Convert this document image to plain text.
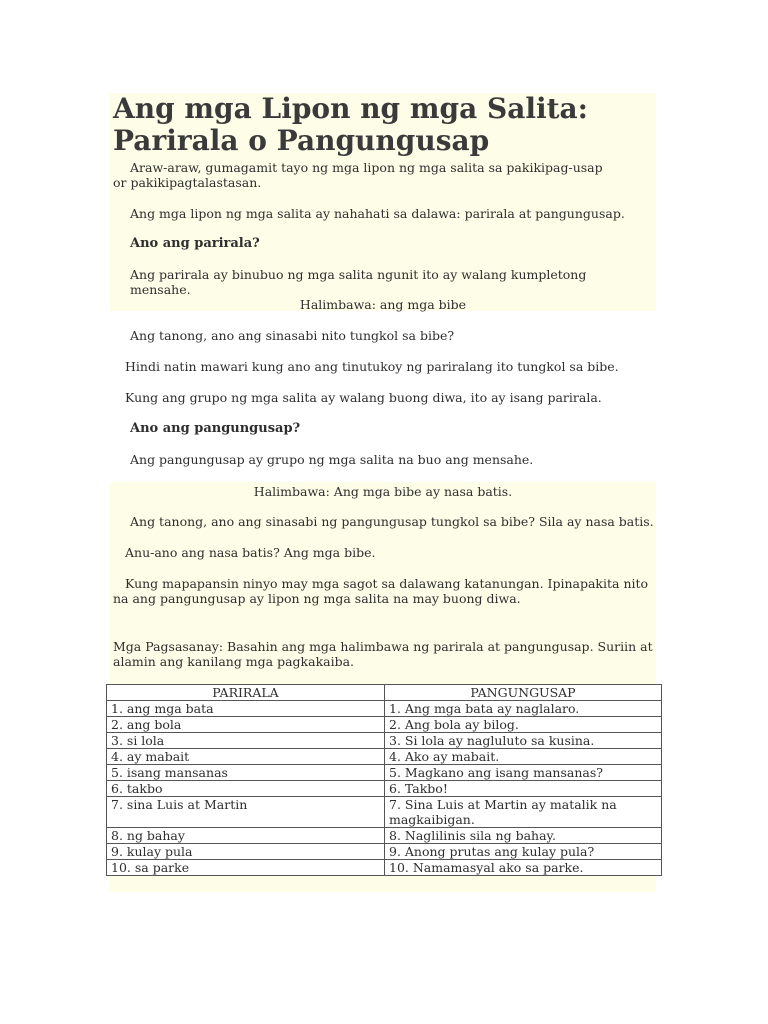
Ang mga Lipon ng mga Salita:
Parirala o Pangungusap

Araw-araw, gumagamit tayo ng mga lipon ng mga salita sa pakikipag-usap or pakikipagtalastasan.

Ang mga lipon ng mga salita ay nahahati sa dalawa: parirala at pangungusap.

Ano ang parirala?

Ang parirala ay binubuo ng mga salita ngunit ito ay walang kumpletong mensahe.

Halimbawa: ang mga bibe

Ang tanong, ano ang sinasabi nito tungkol sa bibe?

Hindi natin mawari kung ano ang tinutukoy ng pariralang ito tungkol sa bibe.

Kung ang grupo ng mga salita ay walang buong diwa, ito ay isang parirala.

Ano ang pangungusap?

Ang pangungusap ay grupo ng mga salita na buo ang mensahe.

Halimbawa: Ang mga bibe ay nasa batis.

Ang tanong, ano ang sinasabi ng pangungusap tungkol sa bibe? Sila ay nasa batis.

Anu-ano ang nasa batis? Ang mga bibe.

Kung mapapansin ninyo may mga sagot sa dalawang katanungan. Ipinapakita nito na ang pangungusap ay lipon ng mga salita na may buong diwa.

Mga Pagsasanay: Basahin ang mga halimbawa ng parirala at pangungusap. Suriin at alamin ang kanilang mga pagkakaiba.

PARIRALA	PANGUNGUSAP
1. ang mga bata	1. Ang mga bata ay naglalaro.
2. ang bola	2. Ang bola ay bilog.
3. si lola	3. Si lola ay nagluluto sa kusina.
4. ay mabait	4. Ako ay mabait.
5. isang mansanas	5. Magkano ang isang mansanas?
6. takbo	6. Takbo!
7. sina Luis at Martin	7. Sina Luis at Martin ay matalik na magkaibigan.
8. ng bahay	8. Naglilinis sila ng bahay.
9. kulay pula	9. Anong prutas ang kulay pula?
10. sa parke	10. Namamasyal ako sa parke.
